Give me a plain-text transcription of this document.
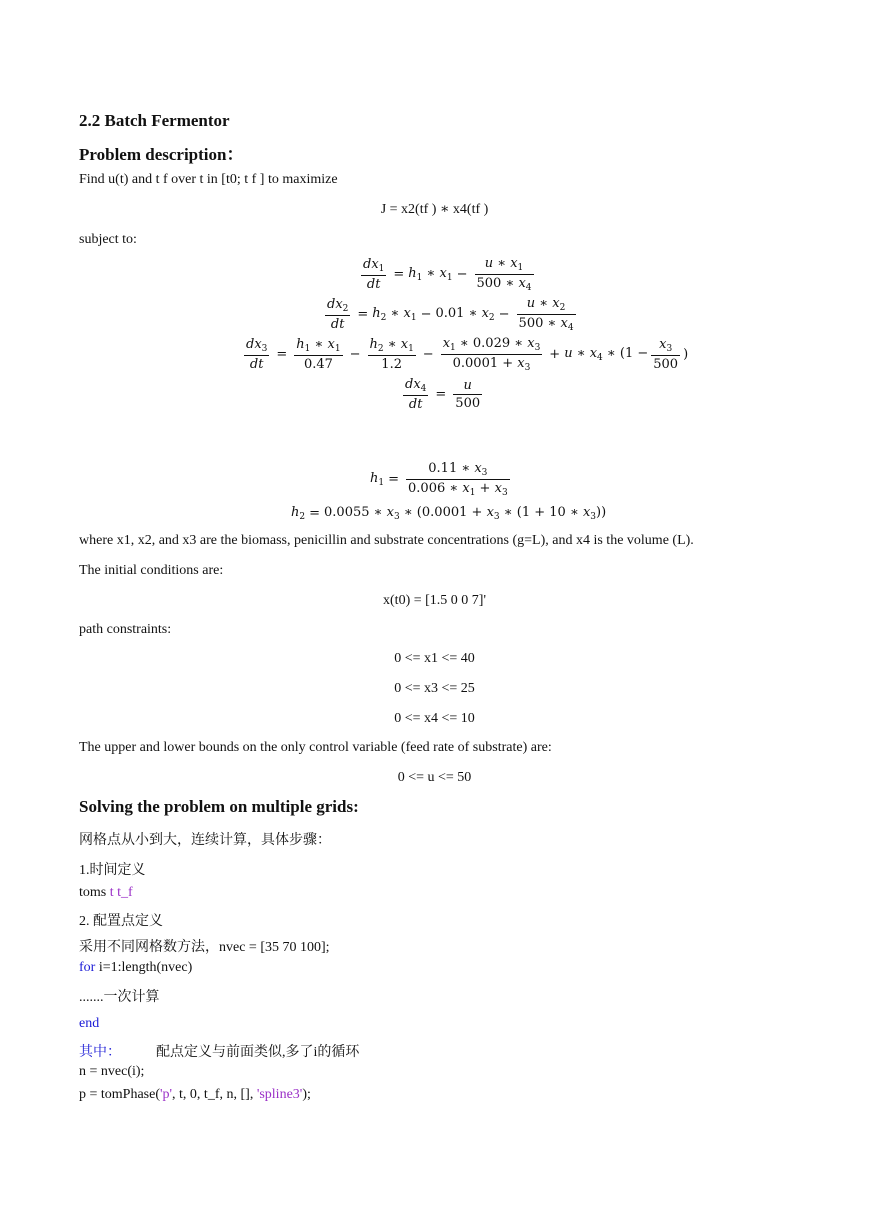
2.2 Batch Fermentor
Problem description：
Find u(t) and t f over t in [t0; t f ] to maximize
J = x2(tf ) ∗ x4(tf )
subject to:
$\frac{dx_1}{dt} = h_1$ ∗ $x_1 - \frac{u ∗ x_1}{500 ∗ x_4}$
$\frac{dx_2}{dt} = h_2$ ∗ $x_1 - 0.01$ ∗ $x_2 - \frac{u ∗ x_2}{500 ∗ x_4}$
$\frac{dx_3}{dt} = \frac{h_1 ∗ x_1}{0.47} - \frac{h_2 ∗ x_1}{1.2} - \frac{x_1 ∗ 0.029 ∗ x_3}{0.0001 + x_3} + u$ ∗ $x_4$ ∗ ($1 - \frac{x_3}{500}$ )
$\frac{dx_4}{dt} = \frac{u}{500}$
$h_1 = \frac{0.11 ∗ x_3}{0.006 ∗ x_1 + x_3}$
$h_2 = 0.0055$ ∗ $x_3$ ∗ ($0.0001 + x_3$ ∗ (1 + 10 ∗ $x_3$))
where x1, x2, and x3 are the biomass, penicillin and substrate concentrations (g=L), and x4 is the volume (L).
The initial conditions are:
x(t0) = [1.5 0 0 7]'
path constraints:
0 <= x1 <= 40
0 <= x3 <= 25
0 <= x4 <= 10
The upper and lower bounds on the only control variable (feed rate of substrate) are:
0 <= u <= 50
Solving the problem on multiple grids:
网格点从小到大，连续计算，具体步骤：
1.时间定义
toms t t_f
2. 配置点定义
采用不同网格数方法，nvec = [35 70 100];
for i=1:length(nvec)
.......一次计算
end
其中：	配点定义与前面类似,多了i的循环
n = nvec(i);
p = tomPhase('p', t, 0, t_f, n, [], 'spline3');
